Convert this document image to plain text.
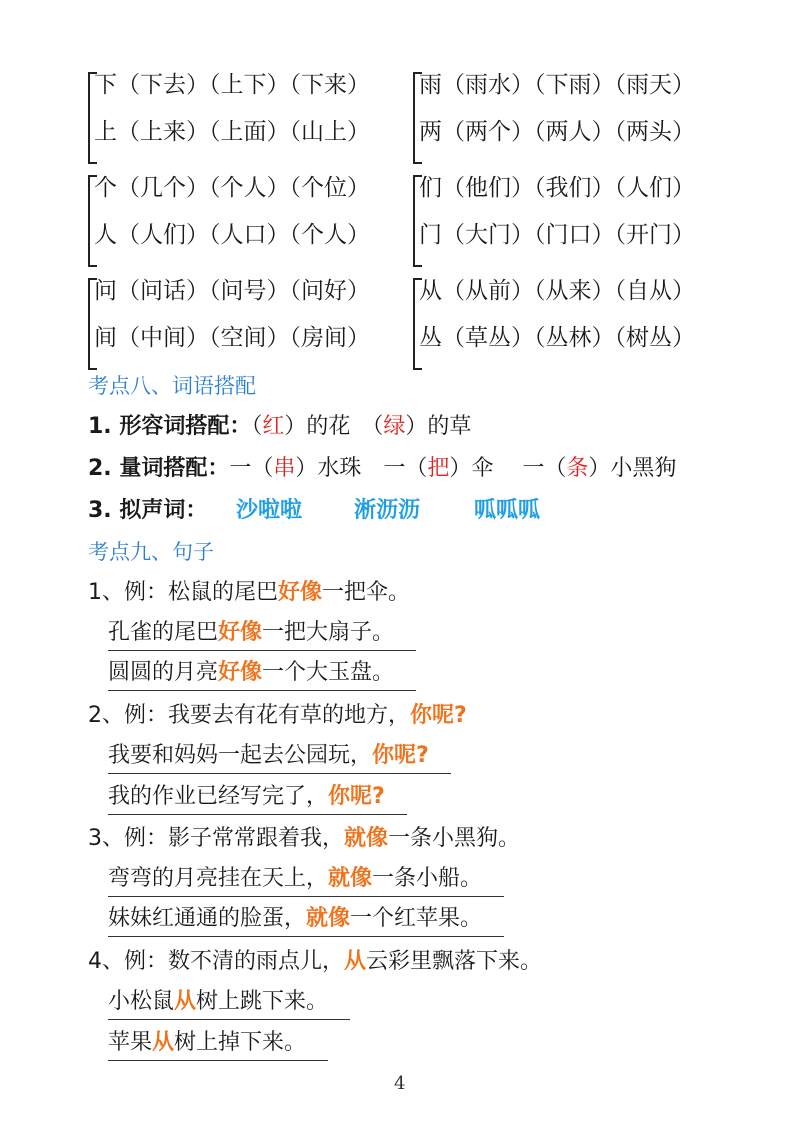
下（下去）（上下）（下来）
上（上来）（上面）（山上）
雨（雨水）（下雨）（雨天）
两（两个）（两人）（两头）
个（几个）（个人）（个位）
人（人们）（人口）（个人）
们（他们）（我们）（人们）
门（大门）（门口）（开门）
问（问话）（问号）（问好）
间（中间）（空间）（房间）
从（从前）（从来）（自从）
丛（草丛）（丛林）（树丛）
考点八、词语搭配
1. 形容词搭配：（红）的花　（绿）的草
2. 量词搭配：一（串）水珠　一（把）伞　 一（条）小黑狗
3. 拟声词： 沙啦啦 淅沥沥 呱呱呱
考点九、句子
1、例：松鼠的尾巴好像一把伞。
孔雀的尾巴好像一把大扇子。
圆圆的月亮好像一个大玉盘。
2、例：我要去有花有草的地方，你呢?
我要和妈妈一起去公园玩，你呢?
我的作业已经写完了，你呢?
3、例：影子常常跟着我，就像一条小黑狗。
弯弯的月亮挂在天上，就像一条小船。
妹妹红通通的脸蛋，就像一个红苹果。
4、例：数不清的雨点儿，从云彩里飘落下来。
小松鼠从树上跳下来。
苹果从树上掉下来。
4
